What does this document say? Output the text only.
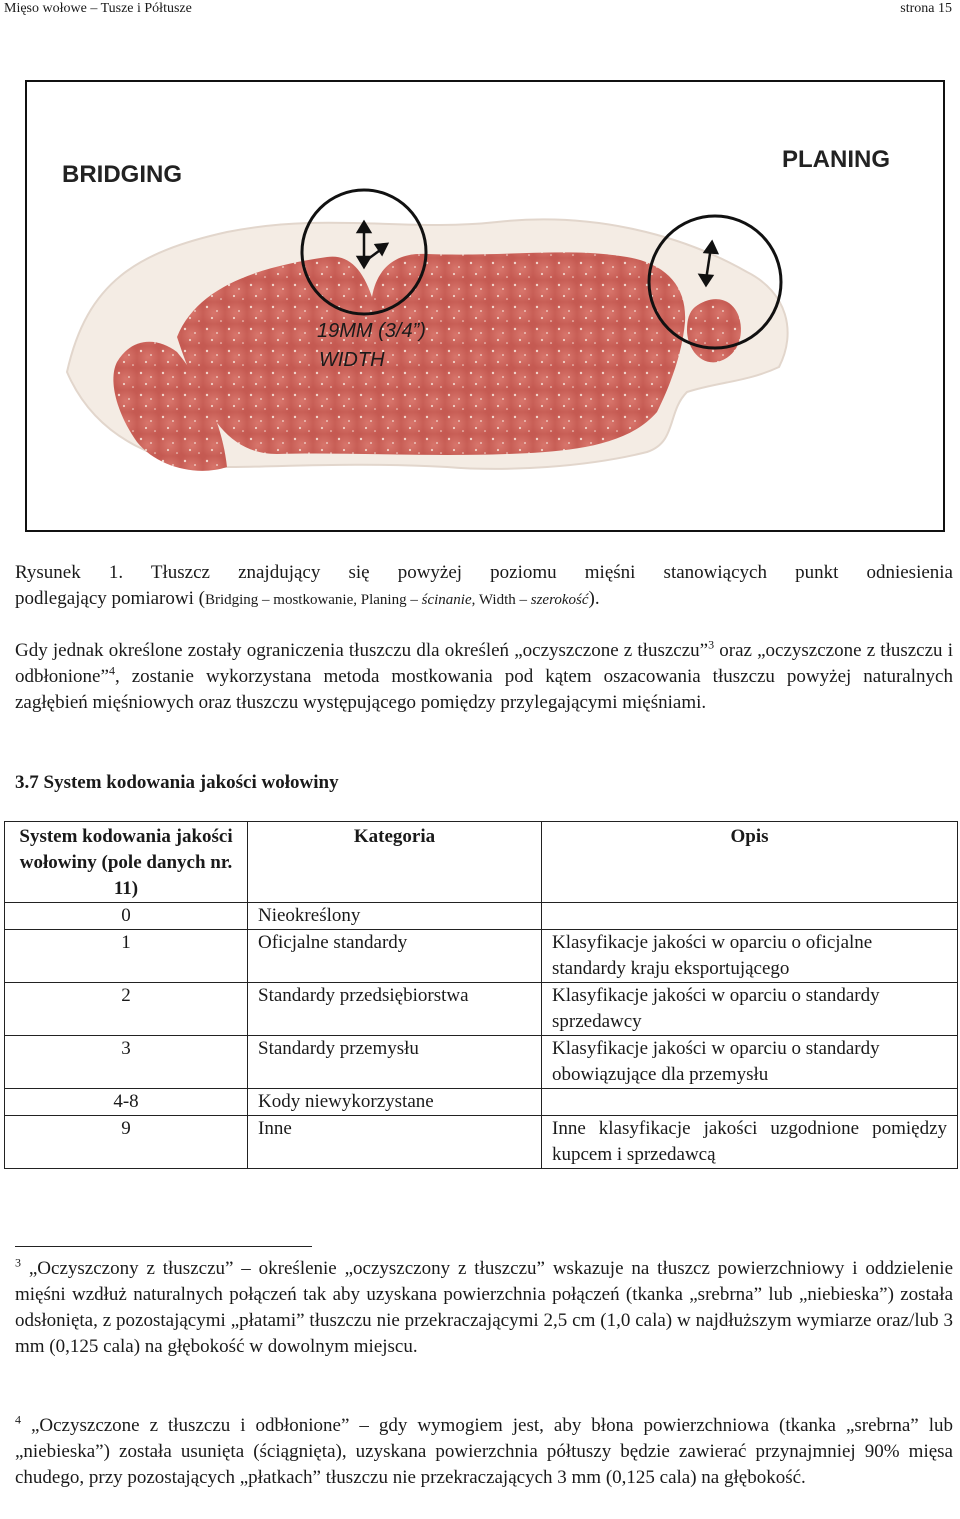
Mięso wołowe – Tusze i Półtusze	strona 15
BRIDGING
PLANING
19MM (3/4”)
WIDTH
Rysunek 1. Tłuszcz znajdujący się powyżej poziomu mięśni stanowiących punkt odniesienia
podlegający pomiarowi (Bridging – mostkowanie, Planing – ścinanie, Width – szerokość).
Gdy jednak określone zostały ograniczenia tłuszczu dla określeń „oczyszczone z tłuszczu”$^3$ oraz „oczyszczone z tłuszczu i odbłonione”$^4$, zostanie wykorzystana metoda mostkowania pod kątem oszacowania tłuszczu powyżej naturalnych zagłębień mięśniowych oraz tłuszczu występującego pomiędzy przylegającymi mięśniami.
3.7 System kodowania jakości wołowiny
System kodowania jakości wołowiny (pole danych nr. 11)	Kategoria	Opis
0	Nieokreślony	
1	Oficjalne standardy	Klasyfikacje jakości w oparciu o oficjalne standardy kraju eksportującego
2	Standardy przedsiębiorstwa	Klasyfikacje jakości w oparciu o standardy sprzedawcy
3	Standardy przemysłu	Klasyfikacje jakości w oparciu o standardy obowiązujące dla przemysłu
4-8	Kody niewykorzystane	
9	Inne	Inne klasyfikacje jakości uzgodnione pomiędzy kupcem i sprzedawcą
$^3$ „Oczyszczony z tłuszczu” – określenie „oczyszczony z tłuszczu” wskazuje na tłuszcz powierzchniowy i oddzielenie mięśni wzdłuż naturalnych połączeń tak aby uzyskana powierzchnia połączeń (tkanka „srebrna” lub „niebieska”) została odsłonięta, z pozostającymi „płatami” tłuszczu nie przekraczającymi 2,5 cm (1,0 cala) w najdłuższym wymiarze oraz/lub 3 mm (0,125 cala) na głębokość w dowolnym miejscu.
$^4$ „Oczyszczone z tłuszczu i odbłonione” – gdy wymogiem jest, aby błona powierzchniowa (tkanka „srebrna” lub „niebieska”) została usunięta (ściągnięta), uzyskana powierzchnia półtuszy będzie zawierać przynajmniej 90% mięsa chudego, przy pozostających „płatkach” tłuszczu nie przekraczających 3 mm (0,125 cala) na głębokość.
